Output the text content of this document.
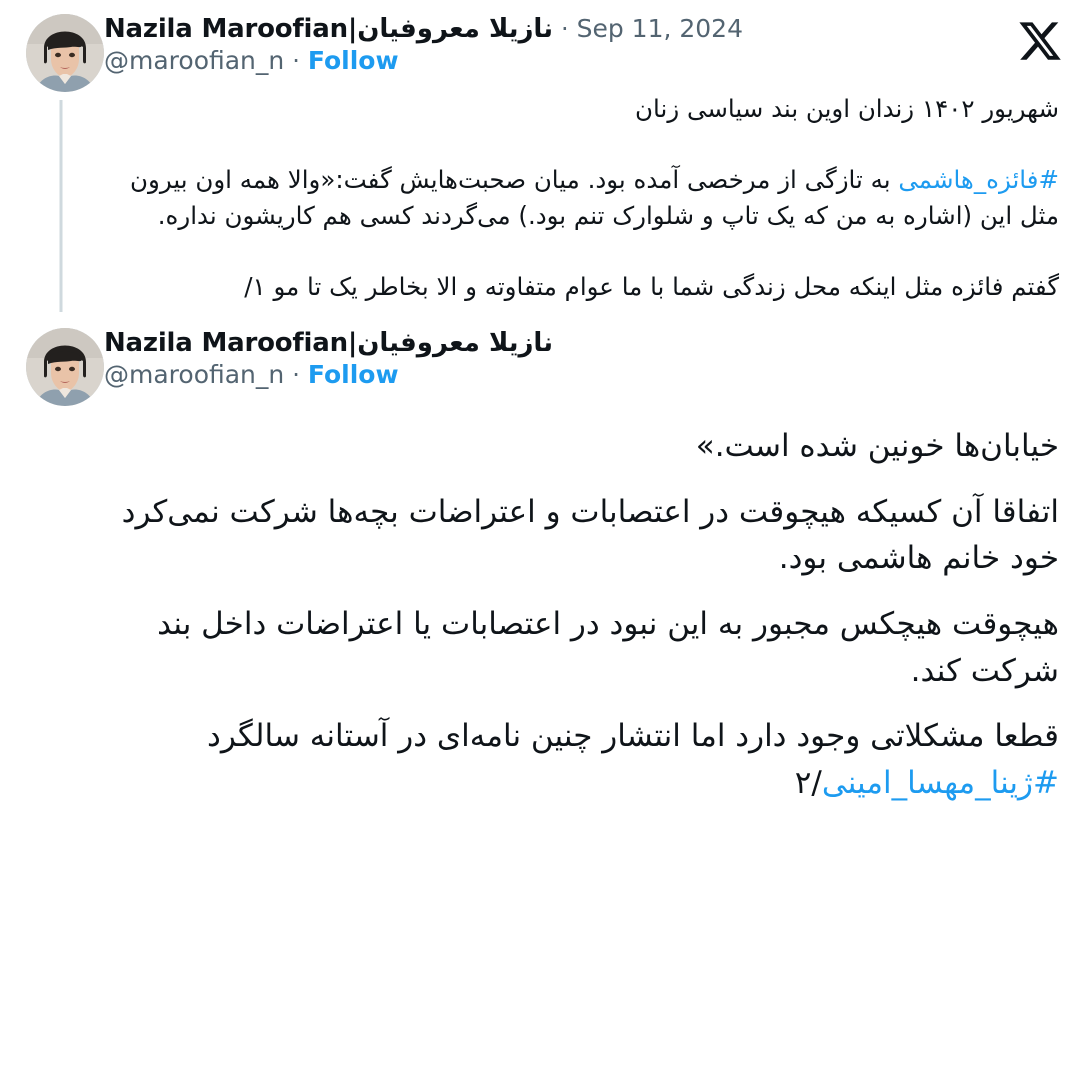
Nazila Maroofian|نازیلا معروفیان · Sep 11, 2024
@maroofian_n · Follow

شهریور ۱۴۰۲ زندان اوین بند سیاسی زنان

#فائزه_هاشمی به تازگی از مرخصی آمده بود. میان صحبت‌هایش گفت:«والا همه اون بیرون مثل این (اشاره به من که یک تاپ و شلوارک تنم بود.) می‌گردند کسی هم کاریشون نداره.

گفتم فائزه مثل اینکه محل زندگی شما با ما عوام متفاوته و الا بخاطر یک تا مو ۱/

Nazila Maroofian|نازیلا معروفیان
@maroofian_n · Follow

خیابان‌ها خونین شده است.»

اتفاقا آن کسیکه هیچوقت در اعتصابات و اعتراضات بچه‌ها شرکت نمی‌کرد خود خانم هاشمی بود.

هیچوقت هیچکس مجبور به این نبود در اعتصابات یا اعتراضات داخل بند شرکت کند.

قطعا مشکلاتی وجود دارد اما انتشار چنین نامه‌ای در آستانه سالگرد #ژینا_مهسا_امینی/۲
